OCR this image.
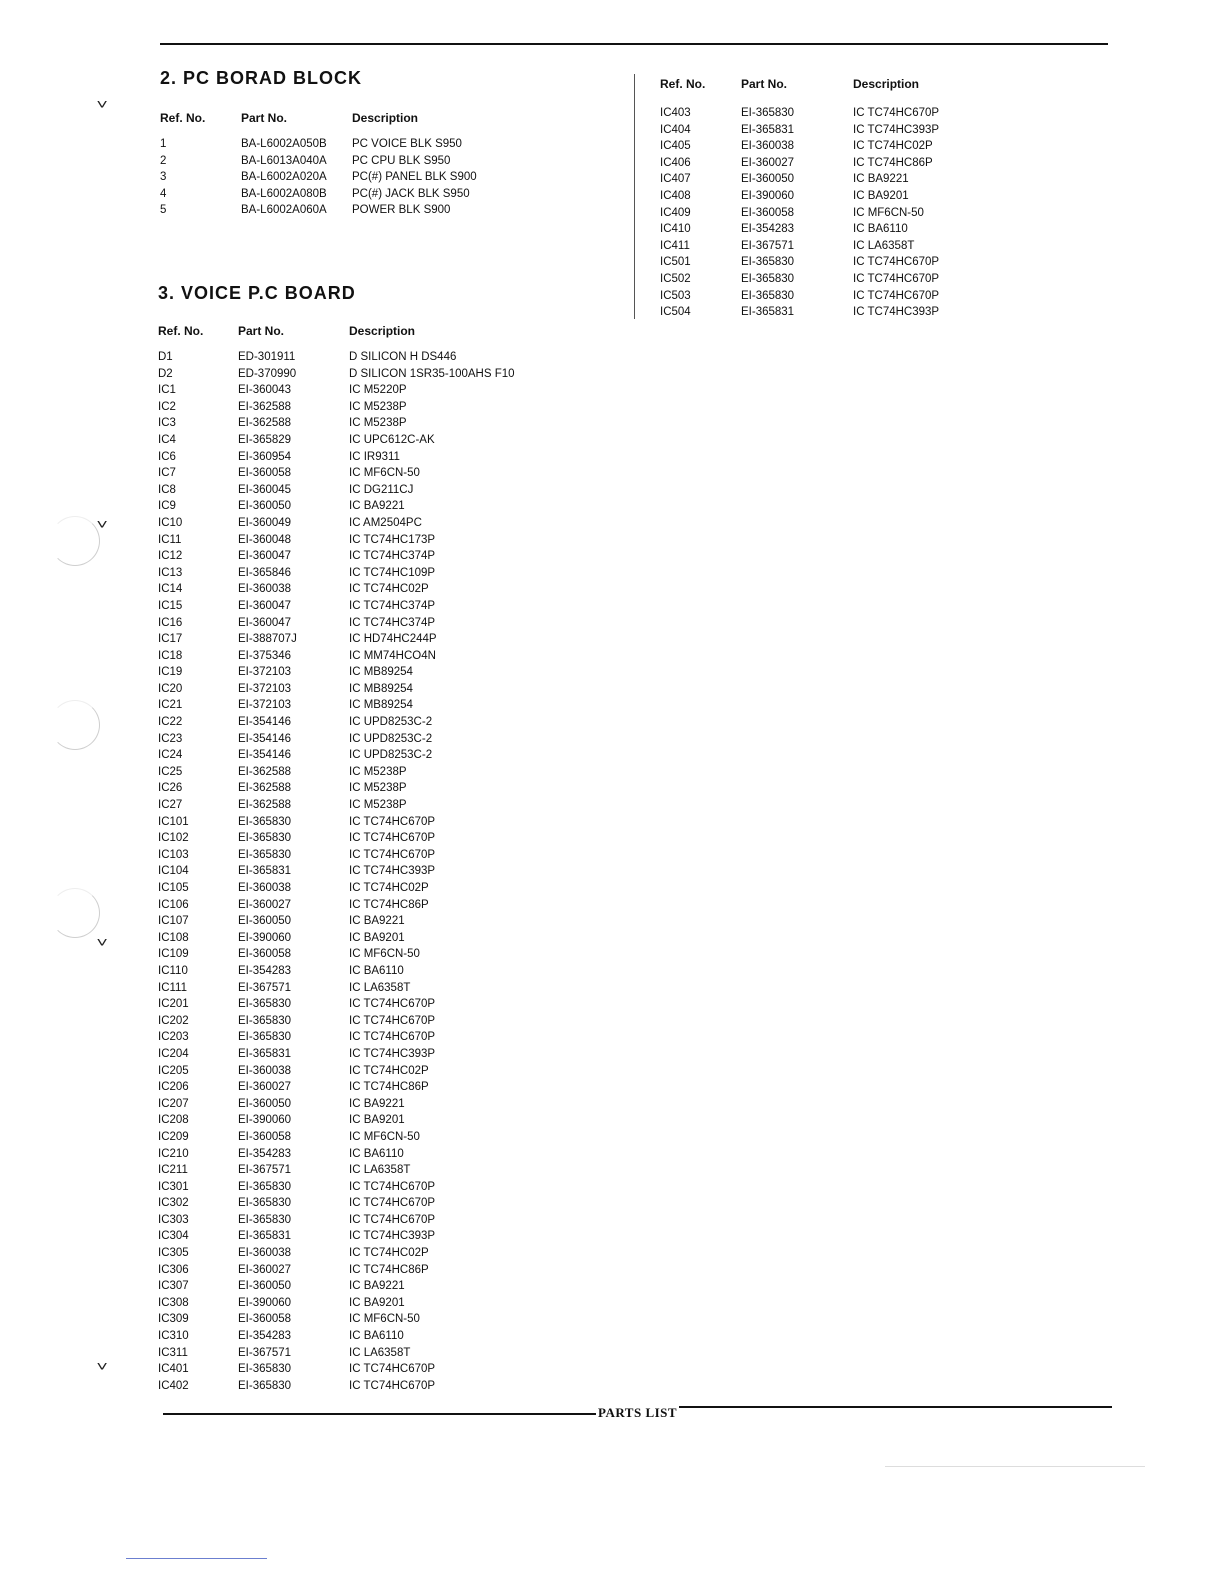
˅
˅
˅
˅
2. PC BORAD BLOCK
Ref. No.	Part No.	Description
1	BA-L6002A050B PC VOICE BLK S950
2	BA-L6013A040A PC CPU BLK S950
3	BA-L6002A020A PC(#) PANEL BLK S900
4	BA-L6002A080B PC(#) JACK BLK S950
5	BA-L6002A060A POWER BLK S900
3. VOICE P.C BOARD
Ref. No.	Part No.	Description
D1	ED-301911	D SILICON H DS446
D2	ED-370990	D SILICON 1SR35-100AHS F10
IC1	EI-360043	IC M5220P
IC2	EI-362588	IC M5238P
IC3	EI-362588	IC M5238P
IC4	EI-365829	IC UPC612C-AK
IC6	EI-360954	IC IR9311
IC7	EI-360058	IC MF6CN-50
IC8	EI-360045	IC DG211CJ
IC9	EI-360050	IC BA9221
IC10	EI-360049	IC AM2504PC
IC11	EI-360048	IC TC74HC173P
IC12	EI-360047	IC TC74HC374P
IC13	EI-365846	IC TC74HC109P
IC14	EI-360038	IC TC74HC02P
IC15	EI-360047	IC TC74HC374P
IC16	EI-360047	IC TC74HC374P
IC17	EI-388707J	IC HD74HC244P
IC18	EI-375346	IC MM74HCO4N
IC19	EI-372103	IC MB89254
IC20	EI-372103	IC MB89254
IC21	EI-372103	IC MB89254
IC22	EI-354146	IC UPD8253C-2
IC23	EI-354146	IC UPD8253C-2
IC24	EI-354146	IC UPD8253C-2
IC25	EI-362588	IC M5238P
IC26	EI-362588	IC M5238P
IC27	EI-362588	IC M5238P
IC101	EI-365830	IC TC74HC670P
IC102	EI-365830	IC TC74HC670P
IC103	EI-365830	IC TC74HC670P
IC104	EI-365831	IC TC74HC393P
IC105	EI-360038	IC TC74HC02P
IC106	EI-360027	IC TC74HC86P
IC107	EI-360050	IC BA9221
IC108	EI-390060	IC BA9201
IC109	EI-360058	IC MF6CN-50
IC110	EI-354283	IC BA6110
IC111	EI-367571	IC LA6358T
IC201	EI-365830	IC TC74HC670P
IC202	EI-365830	IC TC74HC670P
IC203	EI-365830	IC TC74HC670P
IC204	EI-365831	IC TC74HC393P
IC205	EI-360038	IC TC74HC02P
IC206	EI-360027	IC TC74HC86P
IC207	EI-360050	IC BA9221
IC208	EI-390060	IC BA9201
IC209	EI-360058	IC MF6CN-50
IC210	EI-354283	IC BA6110
IC211	EI-367571	IC LA6358T
IC301	EI-365830	IC TC74HC670P
IC302	EI-365830	IC TC74HC670P
IC303	EI-365830	IC TC74HC670P
IC304	EI-365831	IC TC74HC393P
IC305	EI-360038	IC TC74HC02P
IC306	EI-360027	IC TC74HC86P
IC307	EI-360050	IC BA9221
IC308	EI-390060	IC BA9201
IC309	EI-360058	IC MF6CN-50
IC310	EI-354283	IC BA6110
IC311	EI-367571	IC LA6358T
IC401	EI-365830	IC TC74HC670P
IC402	EI-365830	IC TC74HC670P
Ref. No.	Part No.	Description
IC403	EI-365830	IC TC74HC670P
IC404	EI-365831	IC TC74HC393P
IC405	EI-360038	IC TC74HC02P
IC406	EI-360027	IC TC74HC86P
IC407	EI-360050	IC BA9221
IC408	EI-390060	IC BA9201
IC409	EI-360058	IC MF6CN-50
IC410	EI-354283	IC BA6110
IC411	EI-367571	IC LA6358T
IC501	EI-365830	IC TC74HC670P
IC502	EI-365830	IC TC74HC670P
IC503	EI-365830	IC TC74HC670P
IC504	EI-365831	IC TC74HC393P
PARTS LIST
